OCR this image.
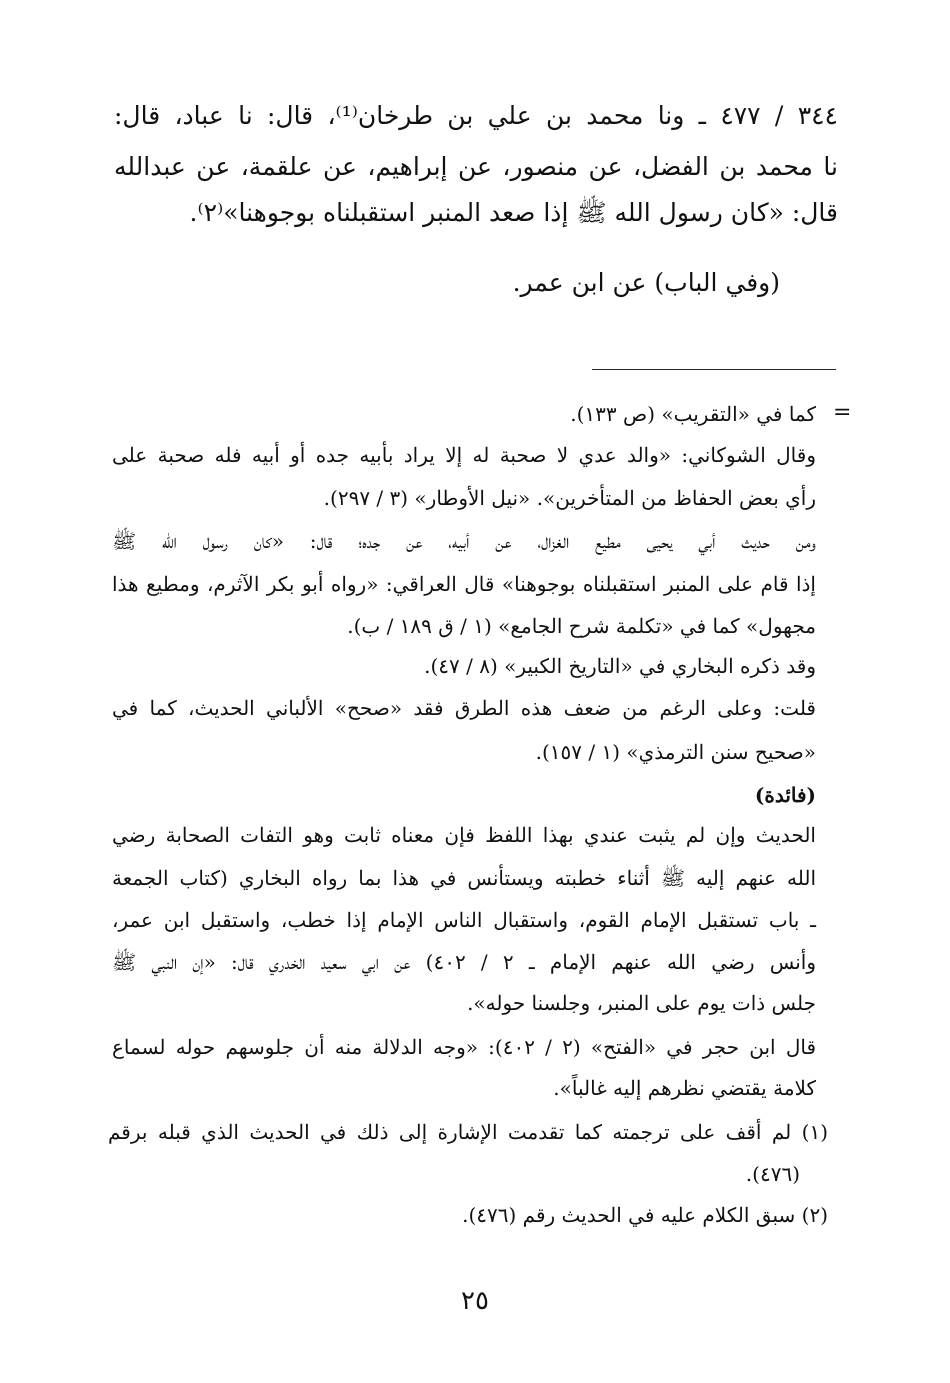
٣٤٤ / ٤٧٧ ـ ونا محمد بن علي بن طرخان⁽¹⁾، قال: نا عباد، قال:
نا محمد بن الفضل، عن منصور، عن إبراهيم، عن علقمة، عن عبدالله
قال: «كان رسول الله ﷺ إذا صعد المنبر استقبلناه بوجوهنا»⁽٢⁾.
(وفي الباب) عن ابن عمر.
=
كما في «التقريب» (ص ١٣٣).
وقال الشوكاني: «والد عدي لا صحبة له إلا يراد بأبيه جده أو أبيه فله صحبة على
رأي بعض الحفاظ من المتأخرين». «نيل الأوطار» (٣ / ٢٩٧).
ومن حديث أبي يحيى مطيع الغزال، عن أبيه، عن جده؛ قال: «كان رسول الله ﷺ
إذا قام على المنبر استقبلناه بوجوهنا» قال العراقي: «رواه أبو بكر الآثرم، ومطيع هذا
مجهول» كما في «تكلمة شرح الجامع» (١ / ق ١٨٩ / ب).
وقد ذكره البخاري في «التاريخ الكبير» (٨ / ٤٧).
قلت: وعلى الرغم من ضعف هذه الطرق فقد «صحح» الألباني الحديث، كما في
«صحيح سنن الترمذي» (١ / ١٥٧).
(فائدة)
الحديث وإن لم يثبت عندي بهذا اللفظ فإن معناه ثابت وهو التفات الصحابة رضي
الله عنهم إليه ﷺ أثناء خطبته ويستأنس في هذا بما رواه البخاري (كتاب الجمعة
ـ باب تستقبل الإمام القوم، واستقبال الناس الإمام إذا خطب، واستقبل ابن عمر،
وأنس رضي الله عنهم الإمام ـ ٢ / ٤٠٢) عن ابي سعيد الخدري قال: «إن النبي ﷺ
جلس ذات يوم على المنبر، وجلسنا حوله».
قال ابن حجر في «الفتح» (٢ / ٤٠٢): «وجه الدلالة منه أن جلوسهم حوله لسماع
كلامة يقتضي نظرهم إليه غالباً».
(١) لم أقف على ترجمته كما تقدمت الإشارة إلى ذلك في الحديث الذي قبله برقم
(٤٧٦).
(٢) سبق الكلام عليه في الحديث رقم (٤٧٦).
٢٥
